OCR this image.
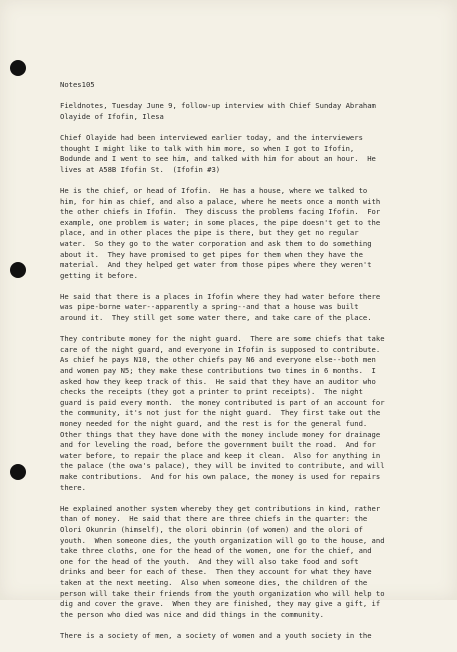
Notes105

Fieldnotes, Tuesday June 9, follow-up interview with Chief Sunday Abraham
Olayide of Ifofin, Ilesa

Chief Olayide had been interviewed earlier today, and the interviewers
thought I might like to talk with him more, so when I got to Ifofin,
Bodunde and I went to see him, and talked with him for about an hour.  He
lives at A58B Ifofin St.  (Ifofin #3)

He is the chief, or head of Ifofin.  He has a house, where we talked to
him, for him as chief, and also a palace, where he meets once a month with
the other chiefs in Ifofin.  They discuss the problems facing Ifofin.  For
example, one problem is water; in some places, the pipe doesn't get to the
place, and in other places the pipe is there, but they get no regular
water.  So they go to the water corporation and ask them to do something
about it.  They have promised to get pipes for them when they have the
material.  And they helped get water from those pipes where they weren't
getting it before.

He said that there is a places in Ifofin where they had water before there
was pipe-borne water--apparently a spring--and that a house was built
around it.  They still get some water there, and take care of the place.

They contribute money for the night guard.  There are some chiefs that take
care of the night guard, and everyone in Ifofin is supposed to contribute.
As chief he pays N10, the other chiefs pay N6 and everyone else--both men
and women pay N5; they make these contributions two times in 6 months.  I
asked how they keep track of this.  He said that they have an auditor who
checks the receipts (they got a printer to print receipts).  The night
guard is paid every month.  the money contributed is part of an account for
the community, it's not just for the night guard.  They first take out the
money needed for the night guard, and the rest is for the general fund.
Other things that they have done with the money include money for drainage
and for leveling the road, before the government built the road.  And for
water before, to repair the place and keep it clean.  Also for anything in
the palace (the owa's palace), they will be invited to contribute, and will
make contributions.  And for his own palace, the money is used for repairs
there.

He explained another system whereby they get contributions in kind, rather
than of money.  He said that there are three chiefs in the quarter: the
Olori Okunrin (himself), the olori obinrin (of women) and the olori of
youth.  When someone dies, the youth organization will go to the house, and
take three cloths, one for the head of the women, one for the chief, and
one for the head of the youth.  And they will also take food and soft
drinks and beer for each of these.  Then they account for what they have
taken at the next meeting.  Also when someone dies, the children of the
person will take their friends from the youth organization who will help to
dig and cover the grave.  When they are finished, they may give a gift, if
the person who died was nice and did things in the community.

There is a society of men, a society of women and a youth society in the
